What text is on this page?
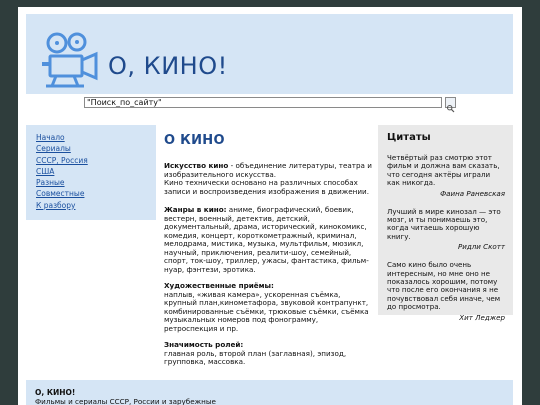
О, КИНО!
"Поиск_по_сайту"
Начало
Сериалы
СССР, Россия
США
Разные
Совместные
К разбору
О КИНО

Искусство кино - объединение литературы, театра и изобразительного искусства.
Кино технически основано на различных способах записи и воспроизведения изображения в движении.

Жанры в кино: аниме, биографический, боевик, вестерн, военный, детектив, детский, документальный, драма, исторический, кинокомикс, комедия, концерт, короткометражный, криминал, мелодрама, мистика, музыка, мультфильм, мюзикл, научный, приключения, реалити-шоу, семейный, спорт, ток-шоу, триллер, ужасы, фантастика, фильм-нуар, фэнтези, эротика.

Художественные приёмы:
наплыв, «живая камера», ускоренная съёмка, крупный план,кинометафора, звуковой контрапункт, комбинированные съёмки, трюковые съёмки, съёмка музыкальных номеров под фонограмму, ретроспекция и пр.

Значимость ролей:
главная роль, второй план (заглавная), эпизод, групповка, массовка.

Цитаты
Четвёртый раз смотрю этот фильм и должна вам сказать, что сегодня актёры играли как никогда.
Фаина Раневская
Лучший в мире кинозал — это мозг, и ты понимаешь это, когда читаешь хорошую книгу.
Ридли Скотт
Само кино было очень интересным, но мне оно не показалось хорошим, потому что после его окончания я не почувствовал себя иначе, чем до просмотра.
Хит Леджер
О, КИНО!
Фильмы и сериалы СССР, России и зарубежные
